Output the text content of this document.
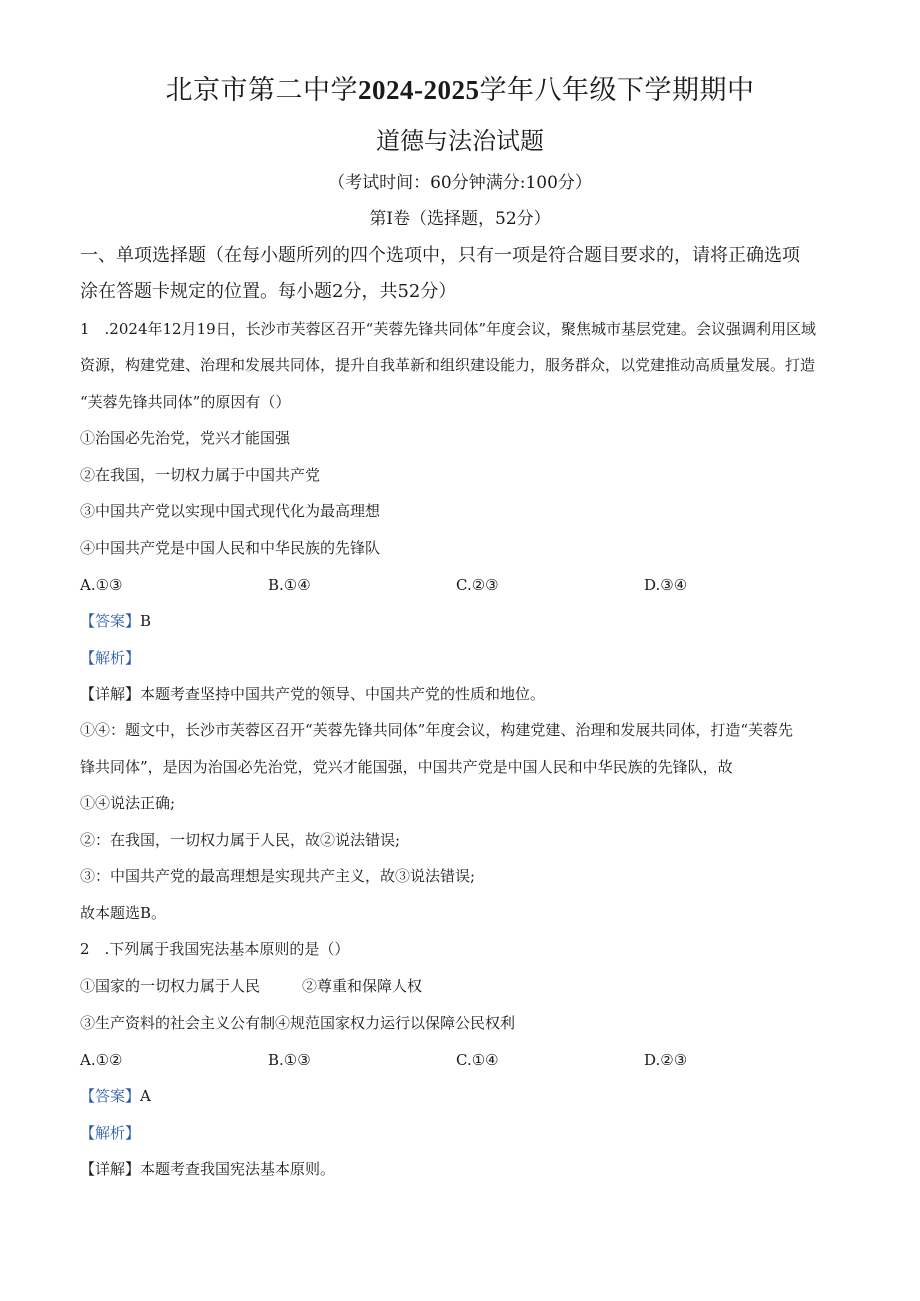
北京市第二中学2024-2025学年八年级下学期期中
道德与法治试题
（考试时间：60分钟满分:100分）
第I卷（选择题，52分）
一、单项选择题（在每小题所列的四个选项中，只有一项是符合题目要求的，请将正确选项
涂在答题卡规定的位置。每小题2分，共52分）
1　.2024年12月19日，长沙市芙蓉区召开“芙蓉先锋共同体”年度会议，聚焦城市基层党建。会议强调利用区域
资源，构建党建、治理和发展共同体，提升自我革新和组织建设能力，服务群众，以党建推动高质量发展。打造
“芙蓉先锋共同体”的原因有（）
①治国必先治党，党兴才能国强
②在我国，一切权力属于中国共产党
③中国共产党以实现中国式现代化为最高理想
④中国共产党是中国人民和中华民族的先锋队
A.①③	B.①④	C.②③	D.③④
【答案】B
【解析】
【详解】本题考查坚持中国共产党的领导、中国共产党的性质和地位。
①④：题文中，长沙市芙蓉区召开“芙蓉先锋共同体”年度会议，构建党建、治理和发展共同体，打造“芙蓉先
锋共同体”，是因为治国必先治党，党兴才能国强，中国共产党是中国人民和中华民族的先锋队，故
①④说法正确;
②：在我国，一切权力属于人民，故②说法错误;
③：中国共产党的最高理想是实现共产主义，故③说法错误;
故本题选B。
2　.下列属于我国宪法基本原则的是（）
①国家的一切权力属于人民	②尊重和保障人权
③生产资料的社会主义公有制④规范国家权力运行以保障公民权利
A.①②	B.①③	C.①④	D.②③
【答案】A
【解析】
【详解】本题考查我国宪法基本原则。
